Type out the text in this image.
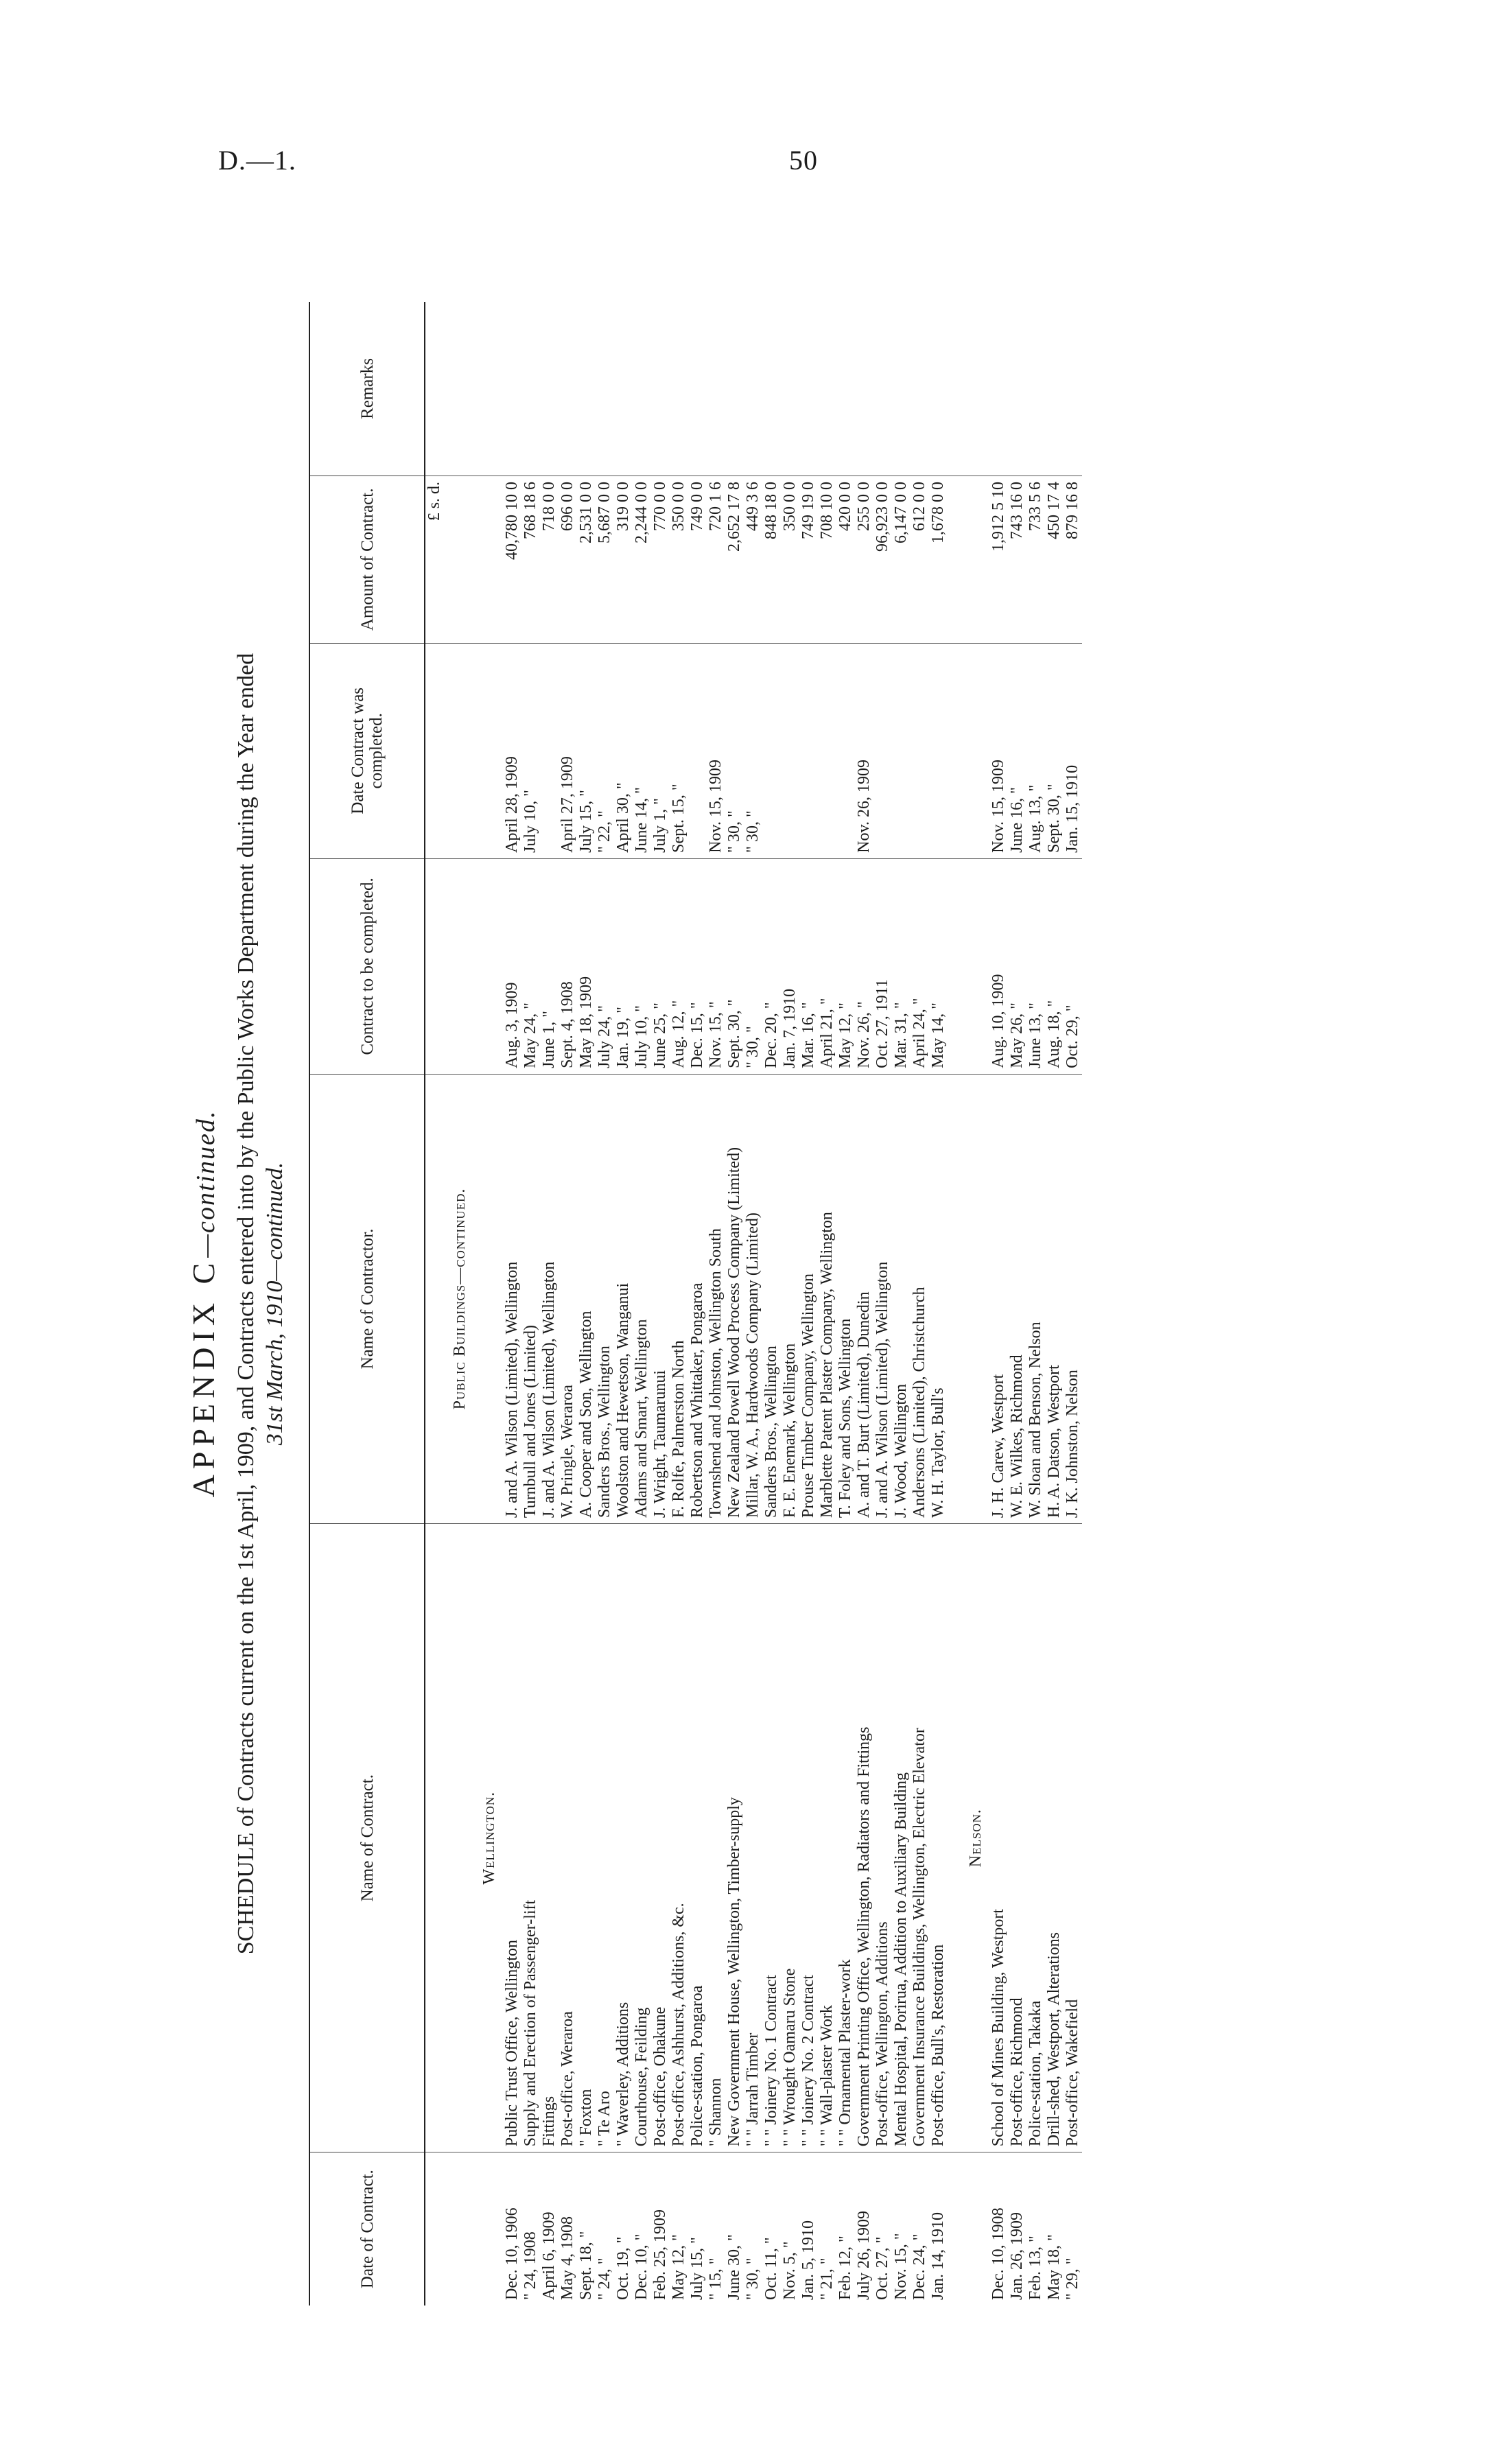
D.—1.	50
APPENDIX C—continued. SCHEDULE of Contracts current on the 1st April, 1909, and Contracts entered into by the Public Works Department during the Year ended 31st March, 1910—continued.
Date of Contract.	Name of Contract.	Name of Contractor.	Contract to be completed.	Date Contract was completed.	Amount of Contract.	Remarks
					£ s. d.	
		Public Buildings—continued.				
	Wellington.					
Dec. 10, 1906	Public Trust Office, Wellington	J. and A. Wilson (Limited), Wellington	Aug. 3, 1909	April 28, 1909	40,780 10 0	
" 24, 1908	Supply and Erection of Passenger-lift	Turnbull and Jones (Limited)	May 24, "	July 10, "	768 18 6	
April 6, 1909	Fittings	J. and A. Wilson (Limited), Wellington	June 1, "		718 0 0	
May 4, 1908	Post-office, Weraroa	W. Pringle, Weraroa	Sept. 4, 1908	April 27, 1909	696 0 0	
Sept. 18, "	" Foxton	A. Cooper and Son, Wellington	May 18, 1909	July 15, "	2,531 0 0	
" 24, "	" Te Aro	Sanders Bros., Wellington	July 24, "	" 22, "	5,687 0 0	
Oct. 19, "	" Waverley, Additions	Woolston and Hewetson, Wanganui	Jan. 19, "	April 30, "	319 0 0	
Dec. 10, "	Courthouse, Feilding	Adams and Smart, Wellington	July 10, "	June 14, "	2,244 0 0	
Feb. 25, 1909	Post-office, Ohakune	J. Wright, Taumarunui	June 25, "	July 1, "	770 0 0	
May 12, "	Post-office, Ashhurst, Additions, &c.	F. Rolfe, Palmerston North	Aug. 12, "	Sept. 15, "	350 0 0	
July 15, "	Police-station, Pongaroa	Robertson and Whittaker, Pongaroa	Dec. 15, "		749 0 0	
" 15, "	" Shannon	Townshend and Johnston, Wellington South	Nov. 15, "	Nov. 15, 1909	720 1 6	
June 30, "	New Government House, Wellington, Timber-supply	New Zealand Powell Wood Process Company (Limited)	Sept. 30, "	" 30, "	2,652 17 8	
" 30, "	" " Jarrah Timber	Millar, W. A., Hardwoods Company (Limited)	" 30, "	" 30, "	449 3 6	
Oct. 11, "	" " Joinery No. 1 Contract	Sanders Bros., Wellington	Dec. 20, "		848 18 0	
Nov. 5, "	" " Wrought Oamaru Stone	F. E. Enemark, Wellington	Jan. 7, 1910		350 0 0	
Jan. 5, 1910	" " Joinery No. 2 Contract	Prouse Timber Company, Wellington	Mar. 16, "		749 19 0	
" 21, "	" " Wall-plaster Work	Marblette Patent Plaster Company, Wellington	April 21, "		708 10 0	
Feb. 12, "	" " Ornamental Plaster-work	T. Foley and Sons, Wellington	May 12, "		420 0 0	
July 26, 1909	Government Printing Office, Wellington, Radiators and Fittings	A. and T. Burt (Limited), Dunedin	Nov. 26, "	Nov. 26, 1909	255 0 0	
Oct. 27, "	Post-office, Wellington, Additions	J. and A. Wilson (Limited), Wellington	Oct. 27, 1911		96,923 0 0	
Nov. 15, "	Mental Hospital, Porirua, Addition to Auxiliary Building	J. Wood, Wellington	Mar. 31, "		6,147 0 0	
Dec. 24, "	Government Insurance Buildings, Wellington, Electric Elevator	Andersons (Limited), Christchurch	April 24, "		612 0 0	
Jan. 14, 1910	Post-office, Bull's, Restoration	W. H. Taylor, Bull's	May 14, "		1,678 0 0	

	Nelson.					
Dec. 10, 1908	School of Mines Building, Westport	J. H. Carew, Westport	Aug. 10, 1909	Nov. 15, 1909	1,912 5 10	
Jan. 26, 1909	Post-office, Richmond	W. E. Wilkes, Richmond	May 26, "	June 16, "	743 16 0	
Feb. 13, "	Police-station, Takaka	W. Sloan and Benson, Nelson	June 13, "	Aug. 13, "	733 5 6	
May 18, "	Drill-shed, Westport, Alterations	H. A. Datson, Westport	Aug. 18, "	Sept. 30, "	450 17 4	
" 29, "	Post-office, Wakefield	J. K. Johnston, Nelson	Oct. 29, "	Jan. 15, 1910	879 16 8	
